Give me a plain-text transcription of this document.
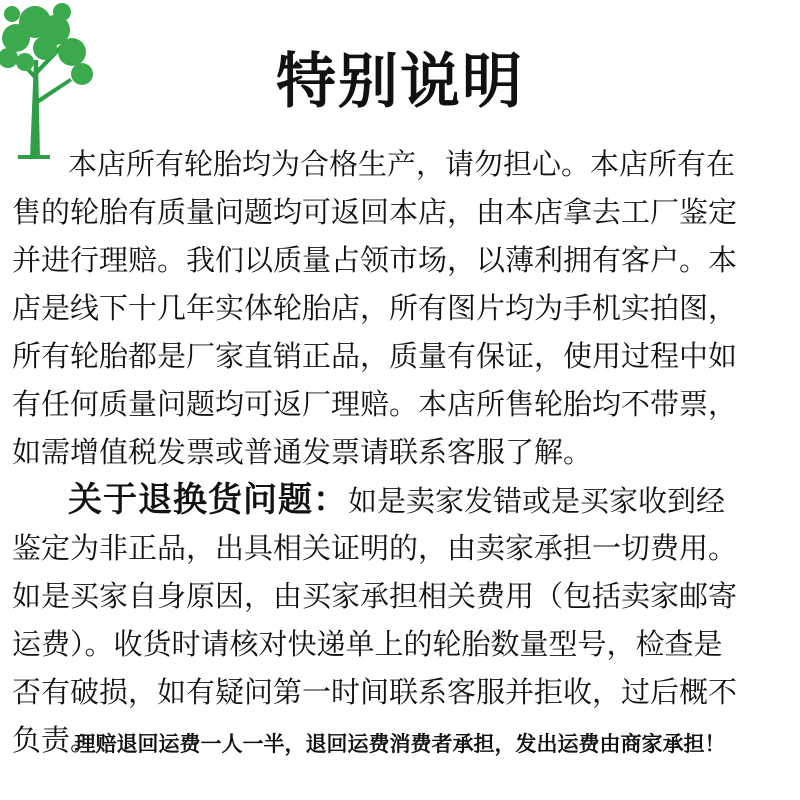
特别说明
本店所有轮胎均为合格生产，请勿担心。本店所有在
售的轮胎有质量问题均可返回本店，由本店拿去工厂鉴定
并进行理赔。我们以质量占领市场，以薄利拥有客户。本
店是线下十几年实体轮胎店，所有图片均为手机实拍图，
所有轮胎都是厂家直销正品，质量有保证，使用过程中如
有任何质量问题均可返厂理赔。本店所售轮胎均不带票，
如需增值税发票或普通发票请联系客服了解。
关于退换货问题：如是卖家发错或是买家收到经
鉴定为非正品，出具相关证明的，由卖家承担一切费用。
如是买家自身原因，由买家承担相关费用（包括卖家邮寄
运费）。收货时请核对快递单上的轮胎数量型号，检查是
否有破损，如有疑问第一时间联系客服并拒收，过后概不
负责。
理赔退回运费一人一半，退回运费消费者承担，发出运费由商家承担！
